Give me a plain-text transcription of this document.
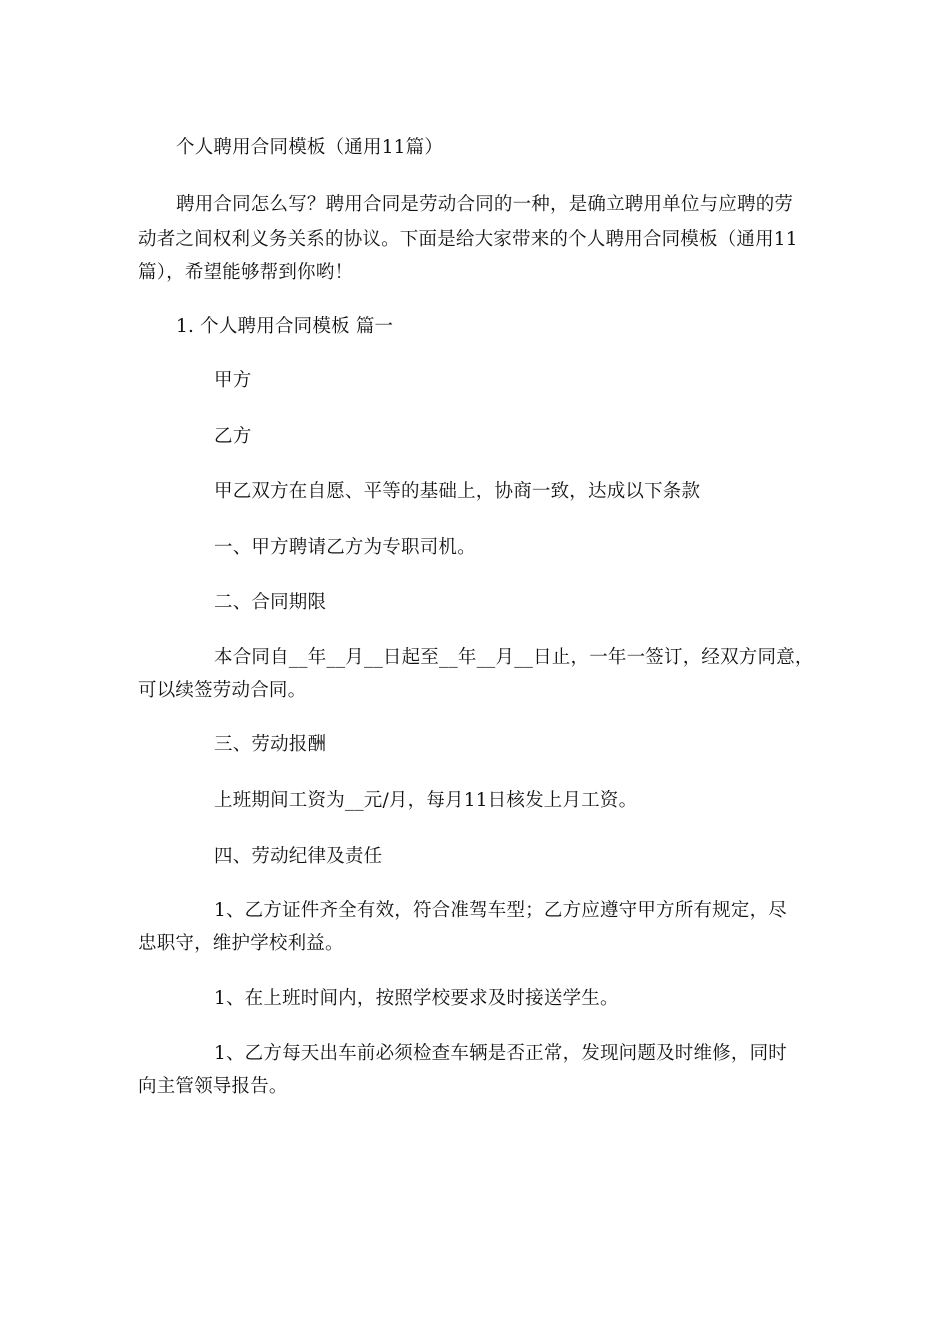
个人聘用合同模板（通用11篇）
聘用合同怎么写？聘用合同是劳动合同的一种，是确立聘用单位与应聘的劳
动者之间权利义务关系的协议。下面是给大家带来的个人聘用合同模板（通用11
篇），希望能够帮到你哟！
1. 个人聘用合同模板 篇一
甲方
乙方
甲乙双方在自愿、平等的基础上，协商一致，达成以下条款
一、甲方聘请乙方为专职司机。
二、合同期限
本合同自__年__月__日起至__年__月__日止，一年一签订，经双方同意，
可以续签劳动合同。
三、劳动报酬
上班期间工资为__元/月，每月11日核发上月工资。
四、劳动纪律及责任
1、乙方证件齐全有效，符合准驾车型；乙方应遵守甲方所有规定，尽
忠职守，维护学校利益。
1、在上班时间内，按照学校要求及时接送学生。
1、乙方每天出车前必须检查车辆是否正常，发现问题及时维修，同时
向主管领导报告。
